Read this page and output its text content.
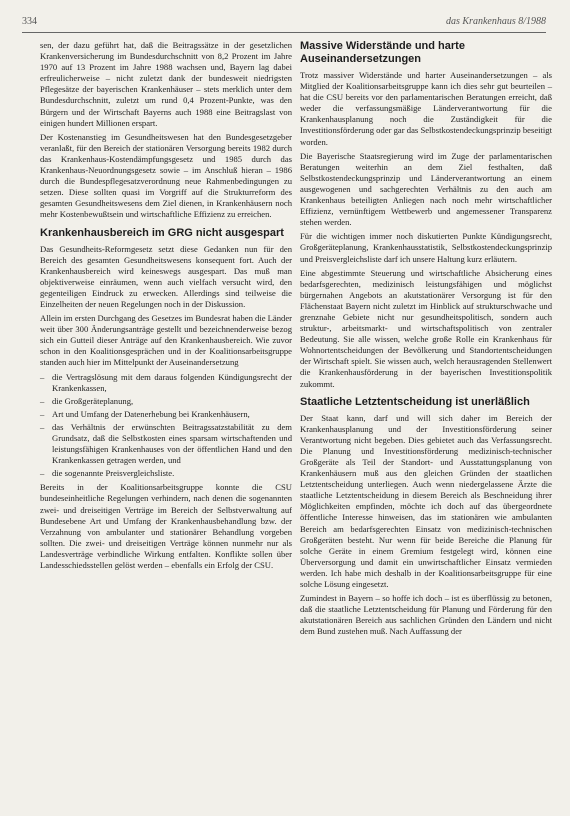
334	das Krankenhaus 8/1988

sen, der dazu geführt hat, daß die Beitragssätze in der gesetzlichen Krankenversicherung im Bundesdurchschnitt von 8,2 Prozent im Jahre 1970 auf 13 Prozent im Jahre 1988 wachsen und, Bayern lag dabei erfreulicherweise – nicht zuletzt dank der bundesweit niedrigsten Pflegesätze der bayerischen Krankenhäuser – stets merklich unter dem Bundesdurchschnitt, zuletzt um rund 0,4 Prozent-Punkte, was den Bürgern und der Wirtschaft Bayerns auch 1988 eine Beitragslast von einigen hundert Millionen erspart.

Der Kostenanstieg im Gesundheitswesen hat den Bundesgesetzgeber veranlaßt, für den Bereich der stationären Versorgung bereits 1982 durch das Krankenhaus-Kostendämpfungsgesetz und 1985 durch das Krankenhaus-Neuordnungsgesetz sowie – im Anschluß hieran – 1986 durch die Bundespflegesatzverordnung neue Rahmenbedingungen zu setzen. Diese sollten quasi im Vorgriff auf die Strukturreform des gesamten Gesundheitswesens dem Ziel dienen, in Krankenhäusern noch mehr Kostenbewußtsein und wirtschaftliche Effizienz zu erreichen.

Krankenhausbereich im GRG nicht ausgespart

Das Gesundheits-Reformgesetz setzt diese Gedanken nun für den Bereich des gesamten Gesundheitswesens konsequent fort. Auch der Krankenhausbereich wird keineswegs ausgespart. Das muß man objektiverweise einräumen, wenn auch vielfach versucht wird, den gegenteiligen Eindruck zu erwecken. Allerdings sind teilweise die Einzelheiten der neuen Regelungen noch in der Diskussion.

Allein im ersten Durchgang des Gesetzes im Bundesrat haben die Länder weit über 300 Änderungsanträge gestellt und bezeichnenderweise bezog sich ein Gutteil dieser Anträge auf den Krankenhausbereich. Wie zuvor schon in den Koalitionsgesprächen und in der Koalitionsarbeitsgruppe standen auch hier im Mittelpunkt der Auseinandersetzung

– die Vertragslösung mit dem daraus folgenden Kündigungsrecht der Krankenkassen,
– die Großgeräteplanung,
– Art und Umfang der Datenerhebung bei Krankenhäusern,
– das Verhältnis der erwünschten Beitragssatzstabilität zu dem Grundsatz, daß die Selbstkosten eines sparsam wirtschaftenden und leistungsfähigen Krankenhauses von der öffentlichen Hand und den Krankenkassen getragen werden, und
– die sogenannte Preisvergleichsliste.

Bereits in der Koalitionsarbeitsgruppe konnte die CSU bundeseinheitliche Regelungen verhindern, nach denen die sogenannten zwei- und dreiseitigen Verträge im Bereich der Selbstverwaltung auf Bundesebene Art und Umfang der Krankenhausbehandlung bzw. der Verzahnung von ambulanter und stationärer Behandlung vorgeben sollten. Die zwei- und dreiseitigen Verträge können nunmehr nur als Landesverträge verbindliche Wirkung entfalten. Konflikte sollen über Landesschiedsstellen gelöst werden – ebenfalls ein Erfolg der CSU.

Massive Widerstände und harte Auseinandersetzungen

Trotz massiver Widerstände und harter Auseinandersetzungen – als Mitglied der Koalitionsarbeitsgruppe kann ich dies sehr gut beurteilen – hat die CSU bereits vor den parlamentarischen Beratungen erreicht, daß weder die verfassungsmäßige Länderverantwortung für die Krankenhausplanung noch die Zuständigkeit für die Investitionsförderung oder gar das Selbstkostendeckungsprinzip beseitigt worden.

Die Bayerische Staatsregierung wird im Zuge der parlamentarischen Beratungen weiterhin an dem Ziel festhalten, daß Selbstkostendeckungsprinzip und Länderverantwortung an einem ausgewogenen und sachgerechten Verhältnis zu den auch am Krankenhaus beteiligten Anliegen nach noch mehr wirtschaftlicher Effizienz, vernünftigem Wettbewerb und angemessener Transparenz stehen werden.

Für die wichtigen immer noch diskutierten Punkte Kündigungsrecht, Großgeräteplanung, Krankenhausstatistik, Selbstkostendeckungsprinzip und Preisvergleichsliste darf ich unsere Haltung kurz erläutern.

Eine abgestimmte Steuerung und wirtschaftliche Absicherung eines bedarfsgerechten, medizinisch leistungsfähigen und möglichst bürgernahen Angebots an akutstationärer Versorgung ist für den Flächenstaat Bayern nicht zuletzt im Hinblick auf strukturschwache und grenznahe Gebiete nicht nur gesundheitspolitisch, sondern auch struktur-, arbeitsmarkt- und wirtschaftspolitisch von zentraler Bedeutung. Sie alle wissen, welche große Rolle ein Krankenhaus für Wohnortentscheidungen der Bevölkerung und Standortentscheidungen der Wirtschaft spielt. Sie wissen auch, welch herausragenden Stellenwert die Krankenhausförderung in der bayerischen Investitionspolitik zukommt.

Staatliche Letztentscheidung ist unerläßlich

Der Staat kann, darf und will sich daher im Bereich der Krankenhausplanung und der Investitionsförderung seiner Verantwortung nicht begeben. Dies gebietet auch das Verfassungsrecht. Die Planung und Investitionsförderung medizinisch-technischer Großgeräte als Teil der Standort- und Ausstattungsplanung von Krankenhäusern muß aus den gleichen Gründen der staatlichen Letztentscheidung unterliegen. Auch wenn niedergelassene Ärzte die staatliche Letztentscheidung in diesem Bereich als Beschneidung ihrer Möglichkeiten empfinden, möchte ich doch auf das übergeordnete öffentliche Interesse hinweisen, das im stationären wie ambulanten Bereich am bedarfsgerechten Einsatz von medizinisch-technischen Großgeräten besteht. Nur wenn für beide Bereiche die Planung für solche Geräte in einem Gremium festgelegt wird, können eine Überversorgung und damit ein unwirtschaftlicher Einsatz vermieden werden. Ich habe mich deshalb in der Koalitionsarbeitsgruppe für eine solche Lösung eingesetzt.

Zumindest in Bayern – so hoffe ich doch – ist es überflüssig zu betonen, daß die staatliche Letztentscheidung für Planung und Förderung für den akutstationären Bereich aus sachlichen Gründen den Ländern und nicht dem Bund zustehen muß. Nach Auffassung der
